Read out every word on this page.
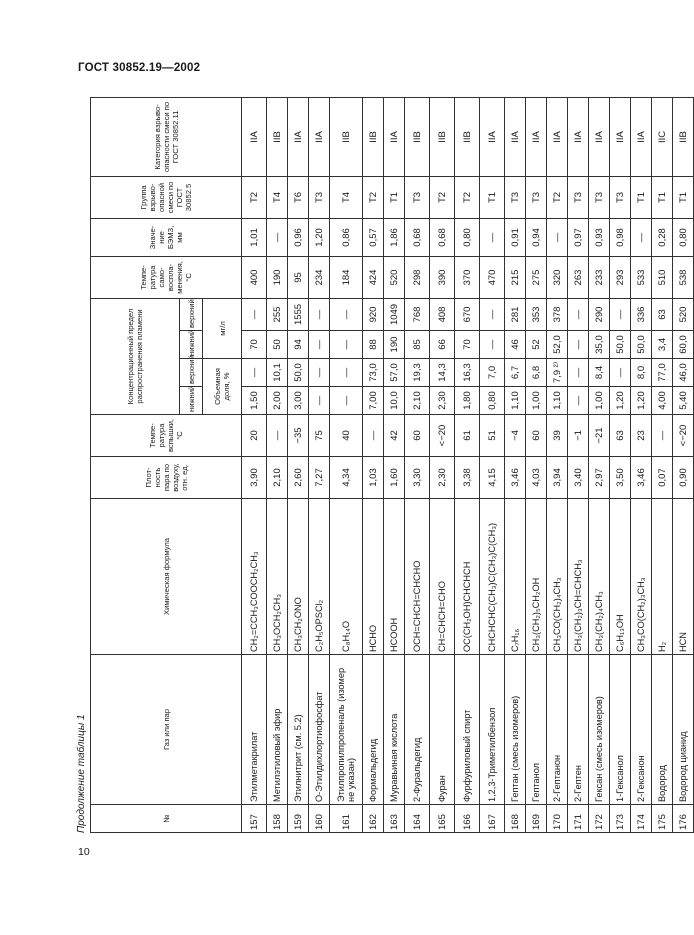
ГОСТ 30852.19—2002
Продолжение таблицы 1	№	Газ или пар	Химическая формула	Плот-ность пара по воздуху, отн. ед.	Темпе-ратура вспышки, °С	Концентрационный предел распространения пламени				Темпе-ратура само-воспла-менения, °С	Значе-ние БЭМЗ, мм	Группа взрыво-опасной смеси по ГОСТ 30852.5	Категория взрыво-опасности смеси по ГОСТ 30852.11
					нижний	верхний	нижний	верхний				
					Объемная доля, %		мг/л					
157	Этилметакрилат	CH₂=CCH₃COOCH₂CH₃	3,90	20	1,50	—	70	—	400	1,01	T2	IIA
158	Метилэтиловый эфир	CH₃OCH₂CH₃	2,10	—	2,00	10,1	50	255	190	—	T4	IIB
159	Этилнитрит (см. 5.2)	CH₃CH₂ONO	2,60	−35	3,00	50,0	94	1555	95	0,96	T6	IIA
160	О-Этилдихлортиофосфат	C₂H₅OPSCl₂	7,27	75	—	—	—	—	234	1,20	T3	IIA
161	Этилпропилпропеналь (изомер не указан)	C₈H₁₄O	4,34	40	—	—	—	—	184	0,86	T4	IIB
162	Формальдегид	HCHO	1,03	—	7,00	73,0	88	920	424	0,57	T2	IIB
163	Муравьиная кислота	HCOOH	1,60	42	10,0	57,0	190	1049	520	1,86	T1	IIA
164	2-Фуральдегид	OCH=CHCH=CHCHO	3,30	60	2,10	19,3	85	768	298	0,68	T3	IIB
165	Фуран	CH=CHCH=CHO	2,30	<−20	2,30	14,3	66	408	390	0,68	T2	IIB
166	Фурфуриловый спирт	OC(CH₂OH)CHCHCH	3,38	61	1,80	16,3	70	670	370	0,80	T2	IIB
167	1,2,3-Триметилбензол	CHCHCHC(CH₃)C(CH₃)C(CH₃)	4,15	51	0,80	7,0	—	—	470	—	T1	IIA
168	Гептан (смесь изомеров)	C₇H₁₆	3,46	−4	1,10	6,7	46	281	215	0,91	T3	IIA
169	Гептанол	CH₃(CH₂)₅CH₂OH	4,03	60	1,00	6,8	52	353	275	0,94	T3	IIA
170	2-Гептанон	CH₃CO(CH₂)₄CH₃	3,94	39	1,10	7,9 ²⁾	52,0	378	320	—	T2	IIA
171	2-Гептен	CH₃(CH₂)₃CH=CHCH₃	3,40	−1	—	—	—	—	263	0,97	T3	IIA
172	Гексан (смесь изомеров)	CH₃(CH₂)₄CH₃	2,97	−21	1,00	8,4	35,0	290	233	0,93	T3	IIA
173	1-Гексанол	C₆H₁₃OH	3,50	63	1,20	—	50,0	—	293	0,98	T3	IIA
174	2-Гексанон	CH₃CO(CH₂)₃CH₃	3,46	23	1,20	8,0	50,0	336	533	—	T1	IIA
175	Водород	H₂	0,07	—	4,00	77,0	3,4	63	510	0,28	T1	IIC
176	Водород цианид	HCN	0,90	<−20	5,40	46,0	60,0	520	538	0,80	T1	IIB
10
